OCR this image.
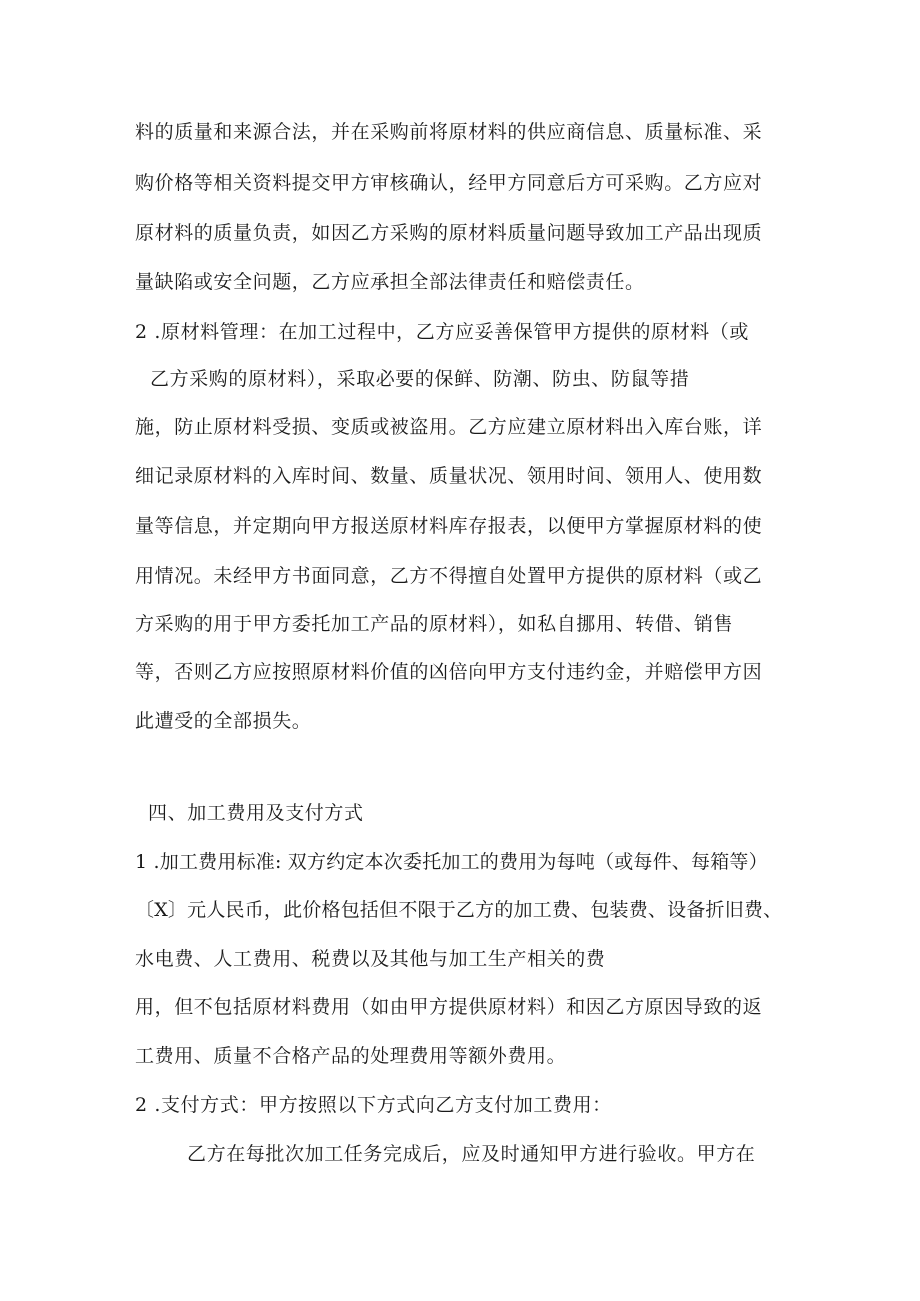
料的质量和来源合法，并在采购前将原材料的供应商信息、质量标准、采
购价格等相关资料提交甲方审核确认，经甲方同意后方可采购。乙方应对
原材料的质量负责，如因乙方采购的原材料质量问题导致加工产品出现质
量缺陷或安全问题，乙方应承担全部法律责任和赔偿责任。
2 .原材料管理：在加工过程中，乙方应妥善保管甲方提供的原材料（或
乙方采购的原材料），采取必要的保鲜、防潮、防虫、防鼠等措
施，防止原材料受损、变质或被盗用。乙方应建立原材料出入库台账，详
细记录原材料的入库时间、数量、质量状况、领用时间、领用人、使用数
量等信息，并定期向甲方报送原材料库存报表，以便甲方掌握原材料的使
用情况。未经甲方书面同意，乙方不得擅自处置甲方提供的原材料（或乙
方采购的用于甲方委托加工产品的原材料），如私自挪用、转借、销售
等，否则乙方应按照原材料价值的凶倍向甲方支付违约金，并赔偿甲方因
此遭受的全部损失。
四、加工费用及支付方式
1 .加工费用标准: 双方约定本次委托加工的费用为每吨（或每件、每箱等）
〔X〕元人民币，此价格包括但不限于乙方的加工费、包装费、设备折旧费、
水电费、人工费用、税费以及其他与加工生产相关的费
用，但不包括原材料费用（如由甲方提供原材料）和因乙方原因导致的返
工费用、质量不合格产品的处理费用等额外费用。
2 .支付方式：甲方按照以下方式向乙方支付加工费用：
乙方在每批次加工任务完成后，应及时通知甲方进行验收。甲方在
